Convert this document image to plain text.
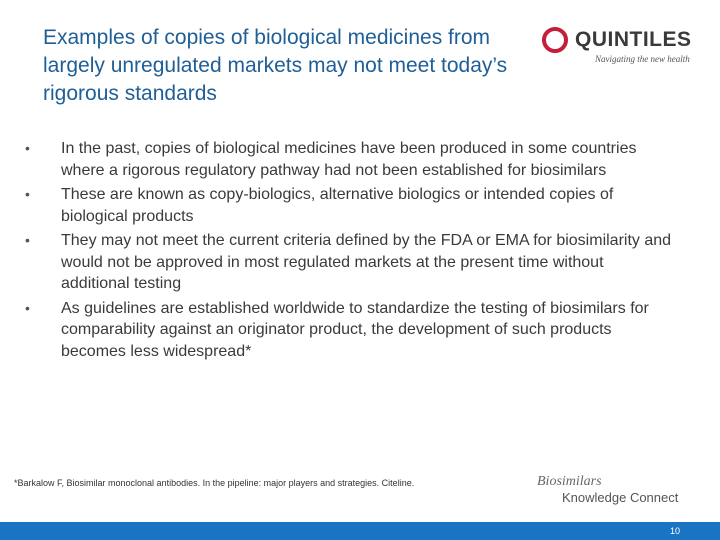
Examples of copies of biological medicines from largely unregulated markets may not meet today’s rigorous standards
QUINTILES
Navigating the new health
•	In the past, copies of biological medicines have been produced in some countries where a rigorous regulatory pathway had not been established for biosimilars
•	These are known as copy-biologics, alternative biologics or intended copies of biological products
•	They may not meet the current criteria defined by the FDA or EMA for biosimilarity and would not be approved in most regulated markets at the present time without additional testing
•	As guidelines are established worldwide to standardize the testing of biosimilars for comparability against an originator product, the development of such products becomes less widespread*
*Barkalow F, Biosimilar monoclonal antibodies. In the pipeline: major players and strategies. Citeline.	Biosimilars
Knowledge Connect
10
